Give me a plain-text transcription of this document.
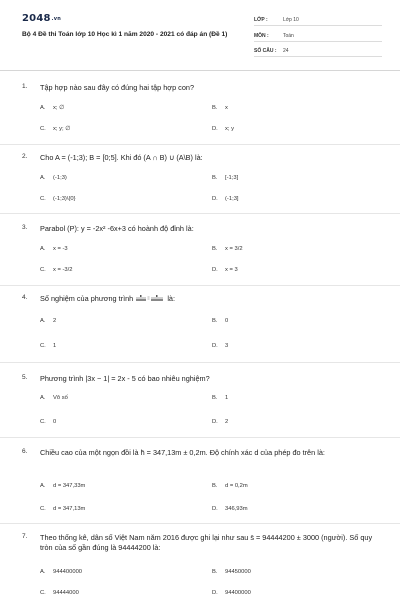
2048.vn
Bộ 4 Đề thi Toán lớp 10 Học kì 1 năm 2020 - 2021 có đáp án (Đề 1)
LỚP :	Lớp 10
MÔN :	Toán
SỐ CÂU : 24
1. Tập hợp nào sau đây có đúng hai tập hợp con?
A. x; ∅	B. x
C. x; y; ∅	D. x; y
2. Cho A = (-1;3); B = [0;5]. Khi đó (A ∩ B) ∪ (A\B) là:
A. (-1;3)	B. [-1;3]
C. (-1;3)\{0}	D. (-1;3]
3. Parabol (P): y = -2x² -6x+3 có hoành độ đỉnh là:
A. x = -3	B. x = 3/2
C. x = -3/2	D. x = 3
4. Số nghiệm của phương trình	là:
A. 2	B. 0
C. 1	D. 3
5. Phương trình |3x − 1| = 2x - 5 có bao nhiêu nghiệm?
A. Vô số	B. 1
C. 0	D. 2
6. Chiều cao của một ngọn đồi là h̄ = 347,13m ± 0,2m. Độ chính xác d của phép đo trên là:
A. d = 347,33m	B. d = 0,2m
C. d = 347,13m	D. 346,93m
7. Theo thống kê, dân số Việt Nam năm 2016 được ghi lại như sau s̄ = 94444200 ± 3000 (người). Số quy tròn của số gần đúng là 94444200 là:
A. 944400000	B. 94450000
C. 94444000	D. 94400000
